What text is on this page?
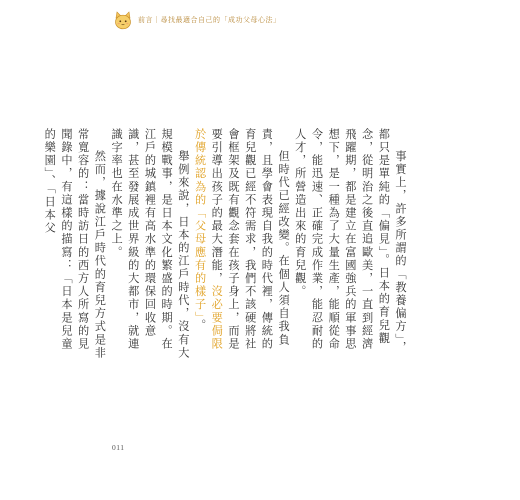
前言｜尋找最適合自己的「成功父母心法」

事實上，許多所謂的「教養偏方」，都只是單純的「偏見」。日本的育兒觀念，從明治之後直追歐美，一直到經濟飛躍期，都是建立在富國強兵的軍事思想下，是一種為了大量生產，能順從命令，能迅速、正確完成作業，能忍耐的人才，所營造出來的育兒觀。

但時代已經改變。在個人須自我負責，且學會表現自我的時代裡，傳統的育兒觀已經不符需求，我們不該硬將社會框架及既有觀念套在孩子身上，而是要引導出孩子的最大潛能，沒必要侷限於傳統認為的「父母應有的樣子」。

舉例來說，日本的江戶時代，沒有大規模戰事，是日本文化繁盛的時期。在江戶的城鎮裡有高水準的環保回收意識，甚至發展成世界級的大都市，就連識字率也在水準之上。

然而，據說江戶時代的育兒方式是非常寬容的：當時訪日的西方人所寫的見聞錄中，有這樣的描寫：「日本是兒童的樂園」、「日本父

011
